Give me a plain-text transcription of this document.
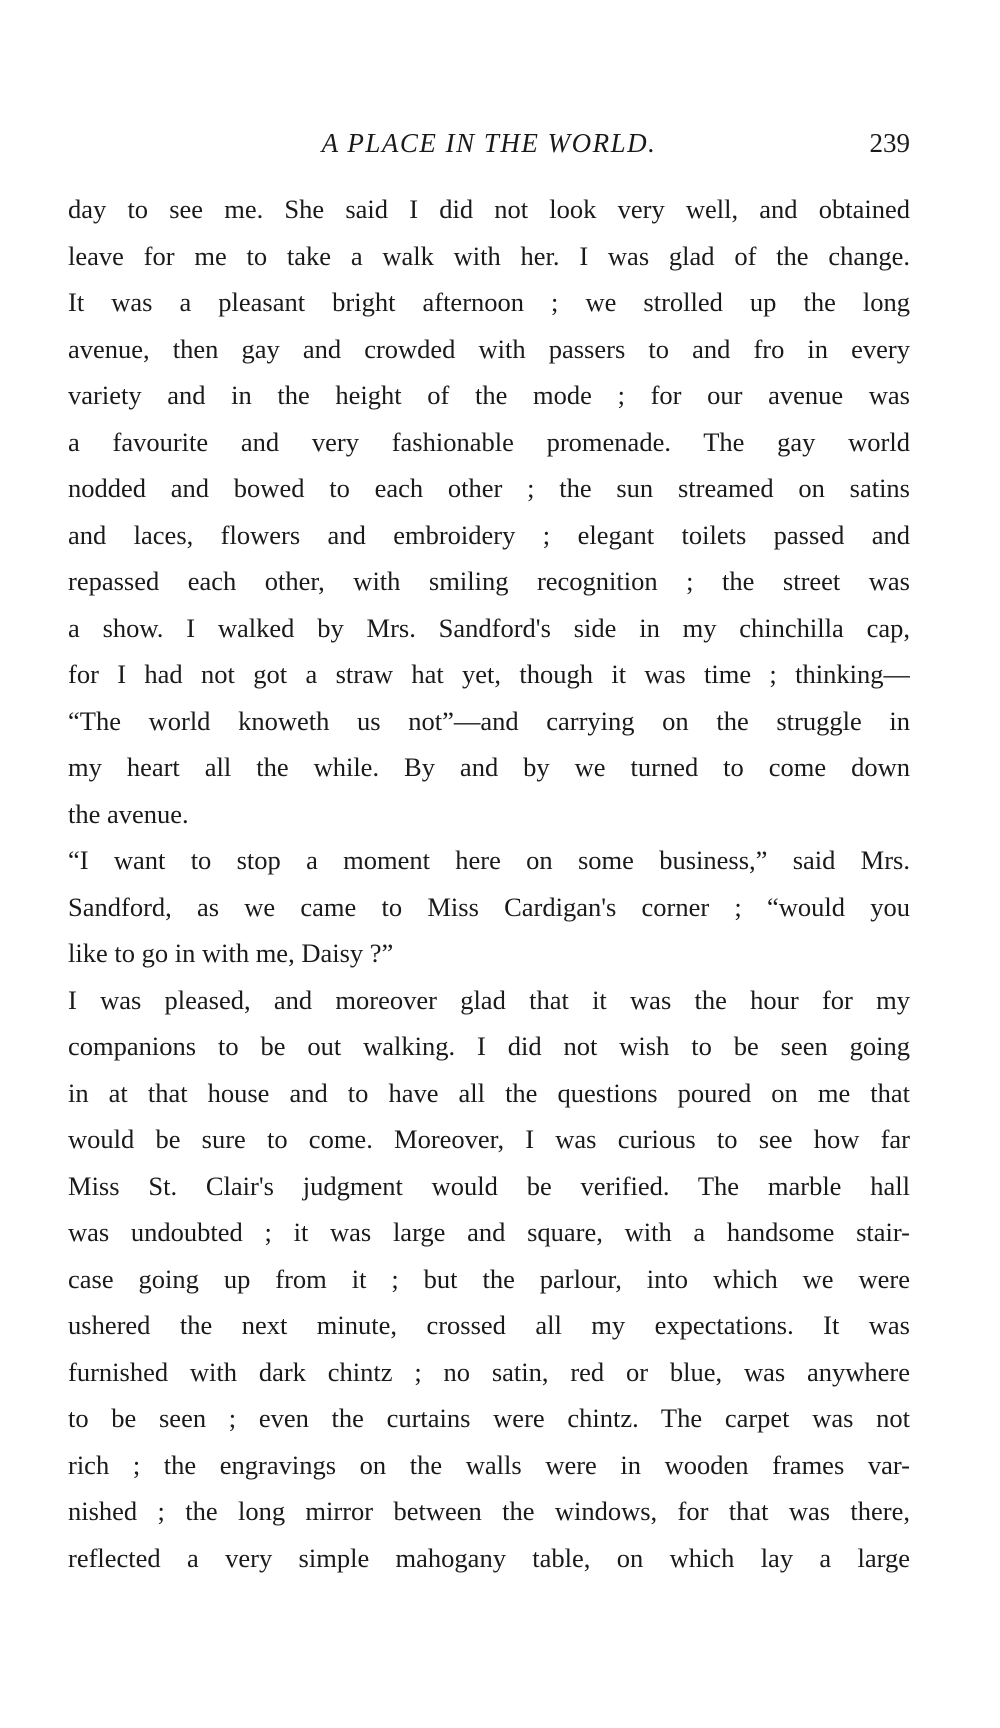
A PLACE IN THE WORLD.	239
day to see me. She said I did not look very well, and obtained
leave for me to take a walk with her. I was glad of the change.
It was a pleasant bright afternoon ; we strolled up the long
avenue, then gay and crowded with passers to and fro in every
variety and in the height of the mode ; for our avenue was
a favourite and very fashionable promenade. The gay world
nodded and bowed to each other ; the sun streamed on satins
and laces, flowers and embroidery ; elegant toilets passed and
repassed each other, with smiling recognition ; the street was
a show. I walked by Mrs. Sandford's side in my chinchilla cap,
for I had not got a straw hat yet, though it was time ; thinking—
“The world knoweth us not”—and carrying on the struggle in
my heart all the while. By and by we turned to come down
the avenue.
“I want to stop a moment here on some business,” said Mrs.
Sandford, as we came to Miss Cardigan's corner ; “would you
like to go in with me, Daisy ?”
I was pleased, and moreover glad that it was the hour for my
companions to be out walking. I did not wish to be seen going
in at that house and to have all the questions poured on me that
would be sure to come. Moreover, I was curious to see how far
Miss St. Clair's judgment would be verified. The marble hall
was undoubted ; it was large and square, with a handsome stair-
case going up from it ; but the parlour, into which we were
ushered the next minute, crossed all my expectations. It was
furnished with dark chintz ; no satin, red or blue, was anywhere
to be seen ; even the curtains were chintz. The carpet was not
rich ; the engravings on the walls were in wooden frames var-
nished ; the long mirror between the windows, for that was there,
reflected a very simple mahogany table, on which lay a large
